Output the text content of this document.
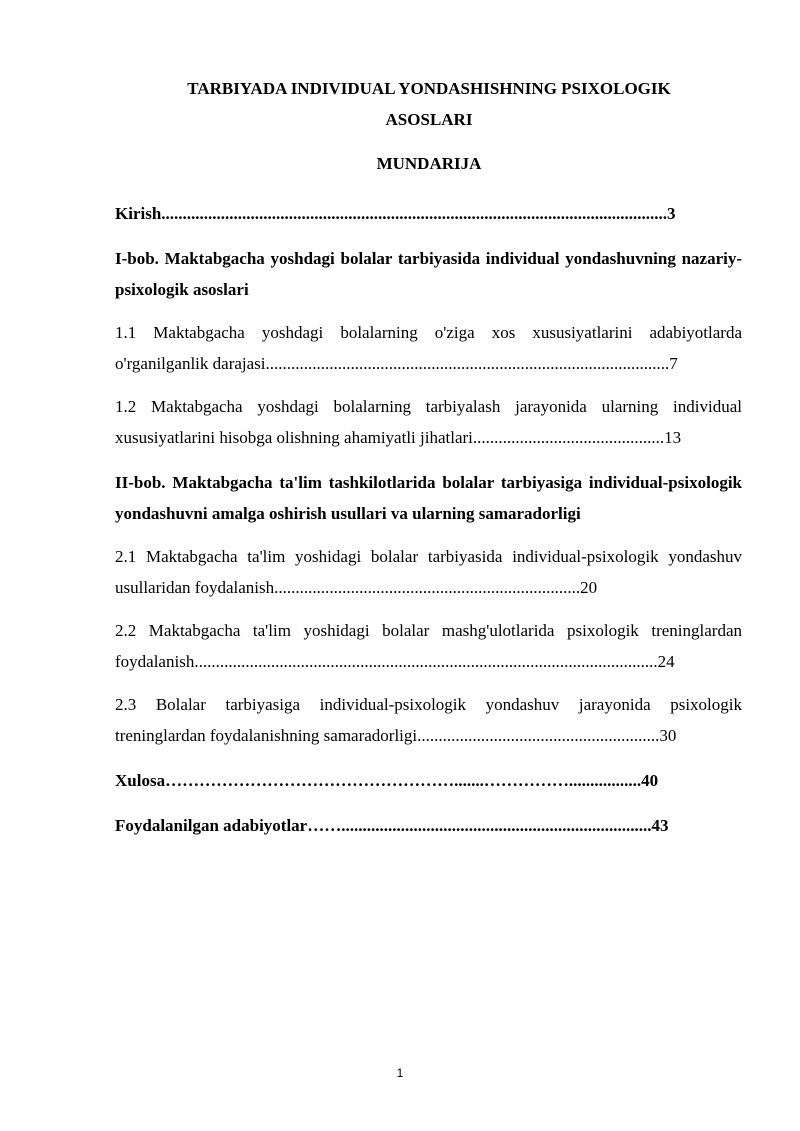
TARBIYADA INDIVIDUAL YONDASHISHNING PSIXOLOGIK
ASOSLARI
MUNDARIJA

Kirish.......................................................................................................................3

I-bob. Maktabgacha yoshdagi bolalar tarbiyasida individual yondashuvning nazariy-psixologik asoslari

1.1 Maktabgacha yoshdagi bolalarning o'ziga xos xususiyatlarini adabiyotlarda o'rganilganlik darajasi...............................................................................................7

1.2 Maktabgacha yoshdagi bolalarning tarbiyalash jarayonida ularning individual xususiyatlarini hisobga olishning ahamiyatli jihatlari.............................................13

II-bob. Maktabgacha ta'lim tashkilotlarida bolalar tarbiyasiga individual-psixologik yondashuvni amalga oshirish usullari va ularning samaradorligi

2.1 Maktabgacha ta'lim yoshidagi bolalar tarbiyasida individual-psixologik yondashuv usullaridan foydalanish........................................................................20

2.2 Maktabgacha ta'lim yoshidagi bolalar mashg'ulotlarida psixologik treninglardan foydalanish.............................................................................................................24

2.3 Bolalar tarbiyasiga individual-psixologik yondashuv jarayonida psixologik treninglardan foydalanishning samaradorligi.........................................................30

Xulosa…………………………………………….......…………….................40

Foydalanilgan adabiyotlar…….........................................................................43

1
